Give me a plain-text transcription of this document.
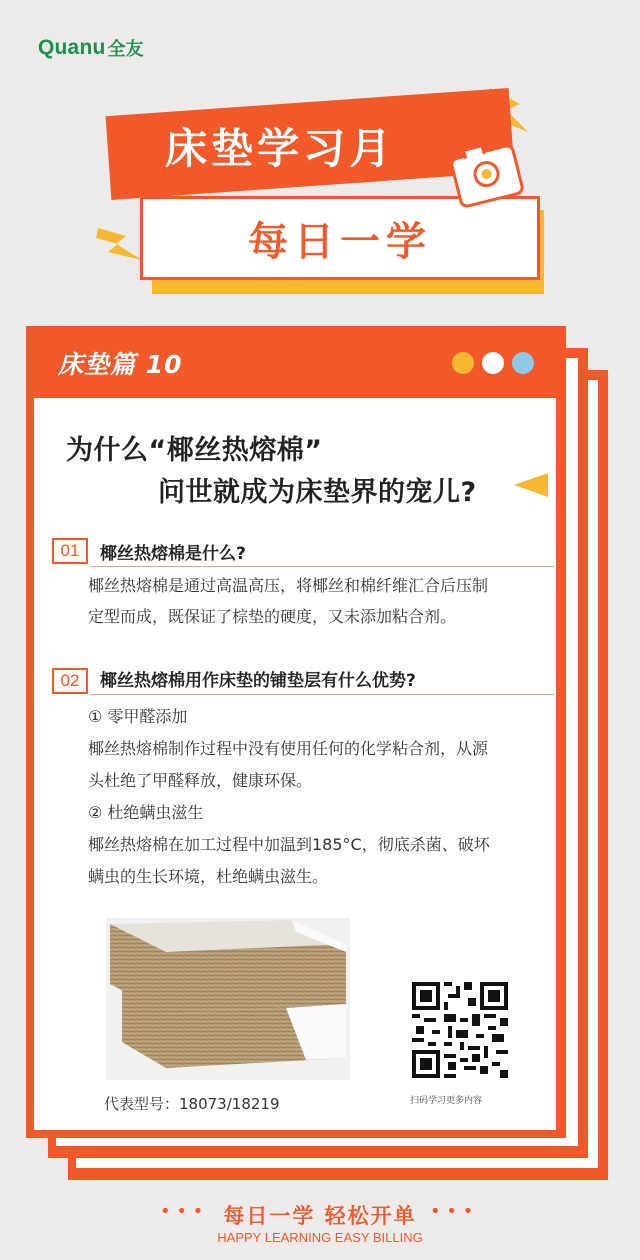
Quanu 全友
床垫学习月
每日一学
床垫篇 10
为什么“椰丝热熔棉”
问世就成为床垫界的宠儿?
01	椰丝热熔棉是什么?
椰丝热熔棉是通过高温高压，将椰丝和棉纤维汇合后压制
定型而成，既保证了棕垫的硬度，又未添加粘合剂。
02	椰丝热熔棉用作床垫的铺垫层有什么优势?
① 零甲醛添加
椰丝热熔棉制作过程中没有使用任何的化学粘合剂，从源
头杜绝了甲醛释放，健康环保。
② 杜绝螨虫滋生
椰丝热熔棉在加工过程中加温到185°C，彻底杀菌、破坏
螨虫的生长环境，杜绝螨虫滋生。
代表型号：18073/18219	扫码学习更多内容
• • •	• • •
每日一学 轻松开单
HAPPY LEARNING EASY BILLING
